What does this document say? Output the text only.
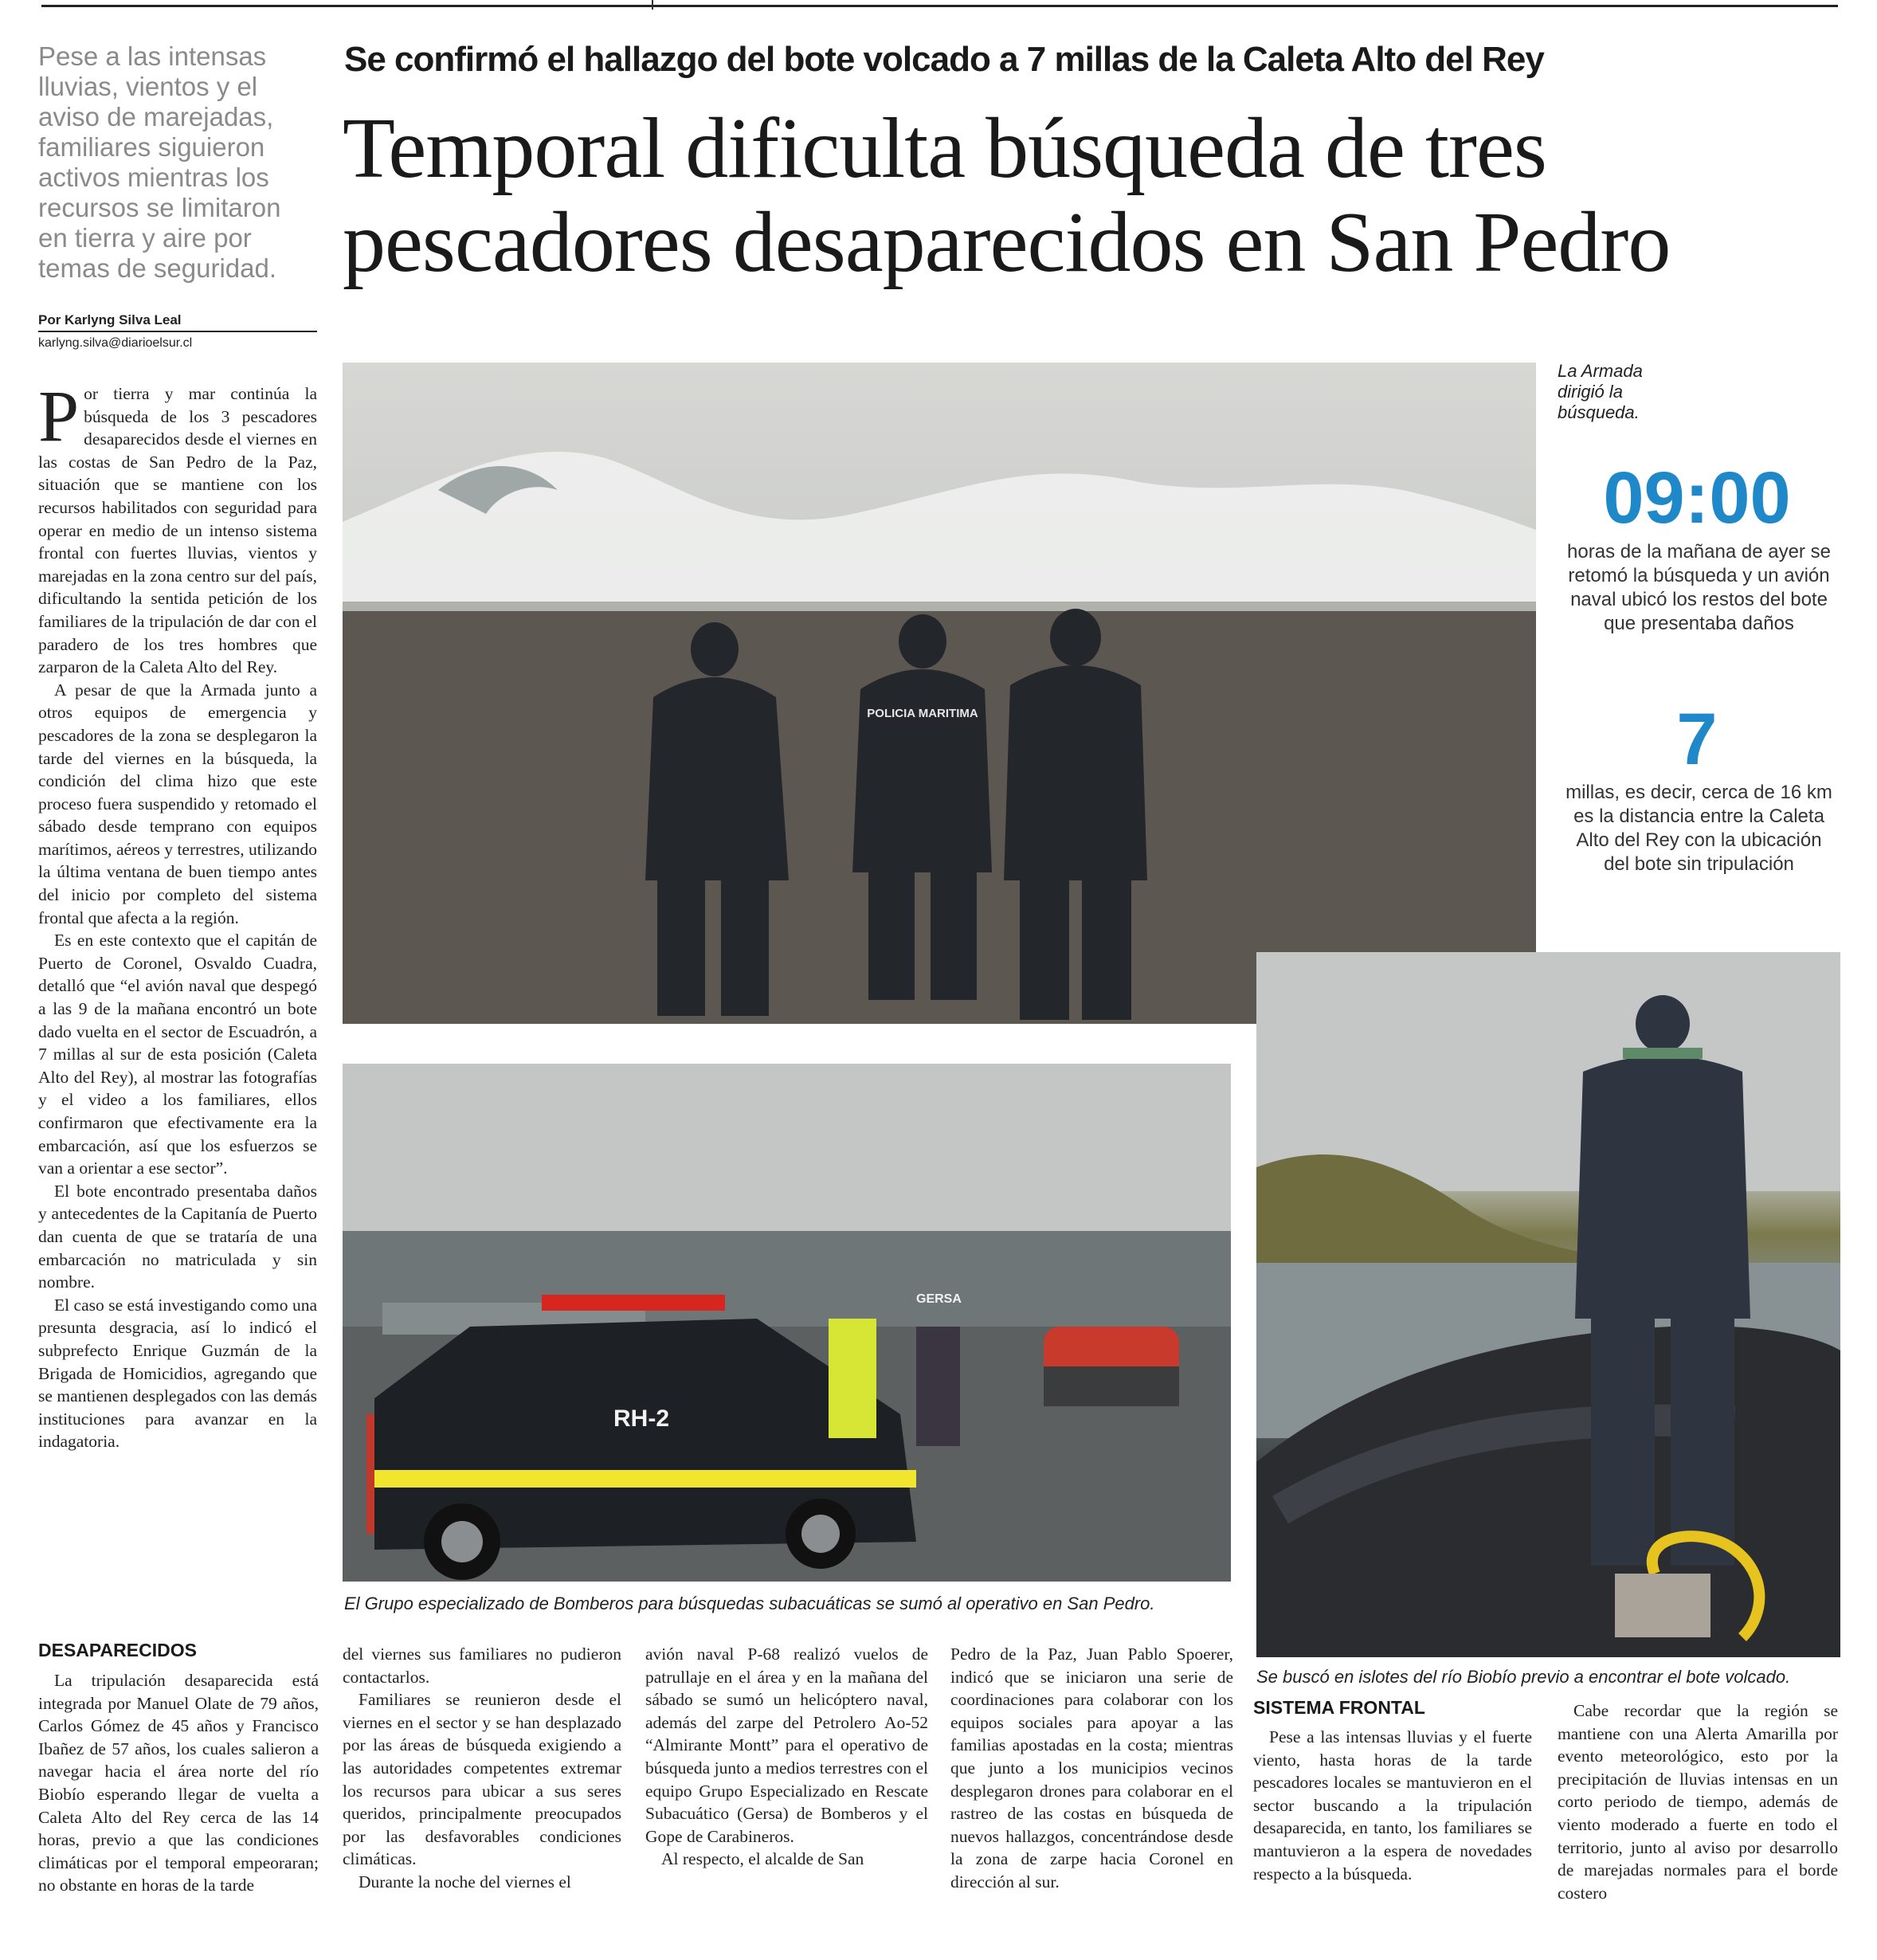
Pese a las intensas
lluvias, vientos y el
aviso de marejadas,
familiares siguieron
activos mientras los
recursos se limitaron
en tierra y aire por
temas de seguridad.
Por Karlyng Silva Leal
karlyng.silva@diarioelsur.cl
Se confirmó el hallazgo del bote volcado a 7 millas de la Caleta Alto del Rey
Temporal dificulta búsqueda de tres
pescadores desaparecidos en San Pedro

Por tierra y mar continúa la búsqueda de los 3 pescadores desaparecidos desde el viernes en las costas de San Pedro de la Paz, situación que se mantiene con los recursos habilitados con seguridad para operar en medio de un intenso sistema frontal con fuertes lluvias, vientos y marejadas en la zona centro sur del país, dificultando la sentida petición de los familiares de la tripulación de dar con el paradero de los tres hombres que zarparon de la Caleta Alto del Rey.

A pesar de que la Armada junto a otros equipos de emergencia y pescadores de la zona se desplegaron la tarde del viernes en la búsqueda, la condición del clima hizo que este proceso fuera suspendido y retomado el sábado desde temprano con equipos marítimos, aéreos y terrestres, utilizando la última ventana de buen tiempo antes del inicio por completo del sistema frontal que afecta a la región.

Es en este contexto que el capitán de Puerto de Coronel, Osvaldo Cuadra, detalló que “el avión naval que despegó a las 9 de la mañana encontró un bote dado vuelta en el sector de Escuadrón, a 7 millas al sur de esta posición (Caleta Alto del Rey), al mostrar las fotografías y el video a los familiares, ellos confirmaron que efectivamente era la embarcación, así que los esfuerzos se van a orientar a ese sector”.

El bote encontrado presentaba daños y antecedentes de la Capitanía de Puerto dan cuenta de que se trataría de una embarcación no matriculada y sin nombre.

El caso se está investigando como una presunta desgracia, así lo indicó el subprefecto Enrique Guzmán de la Brigada de Homicidios, agregando que se mantienen desplegados con las demás instituciones para avanzar en la indagatoria.

DESAPARECIDOS

La tripulación desaparecida está integrada por Manuel Olate de 79 años, Carlos Gómez de 45 años y Francisco Ibañez de 57 años, los cuales salieron a navegar hacia el área norte del río Biobío esperando llegar de vuelta a Caleta Alto del Rey cerca de las 14 horas, previo a que las condiciones climáticas por el temporal empeoraran; no obstante en horas de la tarde

del viernes sus familiares no pudieron contactarlos.

Familiares se reunieron desde el viernes en el sector y se han desplazado por las áreas de búsqueda exigiendo a las autoridades competentes extremar los recursos para ubicar a sus seres queridos, principalmente preocupados por las desfavorables condiciones climáticas.

Durante la noche del viernes el

avión naval P-68 realizó vuelos de patrullaje en el área y en la mañana del sábado se sumó un helicóptero naval, además del zarpe del Petrolero Ao-52 “Almirante Montt” para el operativo de búsqueda junto a medios terrestres con el equipo Grupo Especializado en Rescate Subacuático (Gersa) de Bomberos y el Gope de Carabineros.

Al respecto, el alcalde de San

Pedro de la Paz, Juan Pablo Spoerer, indicó que se iniciaron una serie de coordinaciones para colaborar con los equipos sociales para apoyar a las familias apostadas en la costa; mientras que junto a los municipios vecinos desplegaron drones para colaborar en el rastreo de las costas en búsqueda de nuevos hallazgos, concentrándose desde la zona de zarpe hacia Coronel en dirección al sur.

SISTEMA FRONTAL

Pese a las intensas lluvias y el fuerte viento, hasta horas de la tarde pescadores locales se mantuvieron en el sector buscando a la tripulación desaparecida, en tanto, los familiares se mantuvieron a la espera de novedades respecto a la búsqueda.

Cabe recordar que la región se mantiene con una Alerta Amarilla por evento meteorológico, esto por la precipitación de lluvias intensas en un corto periodo de tiempo, además de viento moderado a fuerte en todo el territorio, junto al aviso por desarrollo de marejadas normales para el borde costero

POLICIA MARITIMA
La Armada dirigió la búsqueda.
09:00
horas de la mañana de ayer se retomó la búsqueda y un avión naval ubicó los restos del bote que presentaba daños
7
millas, es decir, cerca de 16 km es la distancia entre la Caleta Alto del Rey con la ubicación del bote sin tripulación
RH-2
GERSA
El Grupo especializado de Bomberos para búsquedas subacuáticas se sumó al operativo en San Pedro.
Se buscó en islotes del río Biobío previo a encontrar el bote volcado.
